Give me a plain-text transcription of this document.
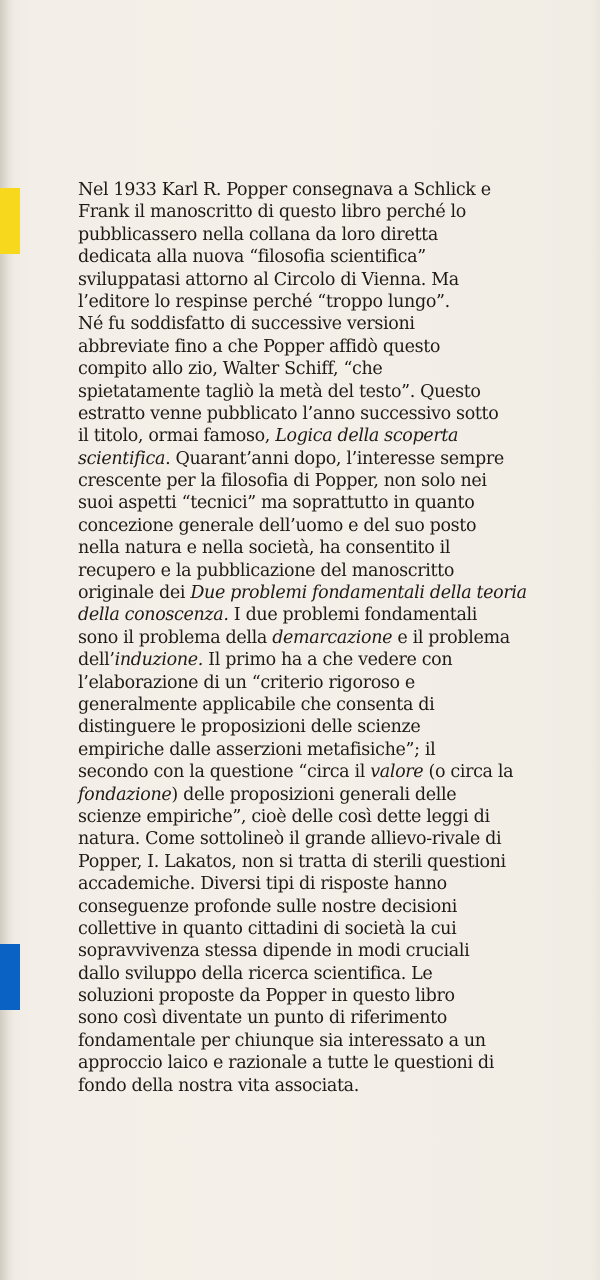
Nel 1933 Karl R. Popper consegnava a Schlick e
Frank il manoscritto di questo libro perché lo
pubblicassero nella collana da loro diretta
dedicata alla nuova “filosofia scientifica”
sviluppatasi attorno al Circolo di Vienna. Ma
l’editore lo respinse perché “troppo lungo”.
Né fu soddisfatto di successive versioni
abbreviate fino a che Popper affidò questo
compito allo zio, Walter Schiff, “che
spietatamente tagliò la metà del testo”. Questo
estratto venne pubblicato l’anno successivo sotto
il titolo, ormai famoso, Logica della scoperta
scientifica. Quarant’anni dopo, l’interesse sempre
crescente per la filosofia di Popper, non solo nei
suoi aspetti “tecnici” ma soprattutto in quanto
concezione generale dell’uomo e del suo posto
nella natura e nella società, ha consentito il
recupero e la pubblicazione del manoscritto
originale dei Due problemi fondamentali della teoria
della conoscenza. I due problemi fondamentali
sono il problema della demarcazione e il problema
dell’induzione. Il primo ha a che vedere con
l’elaborazione di un “criterio rigoroso e
generalmente applicabile che consenta di
distinguere le proposizioni delle scienze
empiriche dalle asserzioni metafisiche”; il
secondo con la questione “circa il valore (o circa la
fondazione) delle proposizioni generali delle
scienze empiriche”, cioè delle così dette leggi di
natura. Come sottolineò il grande allievo-rivale di
Popper, I. Lakatos, non si tratta di sterili questioni
accademiche. Diversi tipi di risposte hanno
conseguenze profonde sulle nostre decisioni
collettive in quanto cittadini di società la cui
sopravvivenza stessa dipende in modi cruciali
dallo sviluppo della ricerca scientifica. Le
soluzioni proposte da Popper in questo libro
sono così diventate un punto di riferimento
fondamentale per chiunque sia interessato a un
approccio laico e razionale a tutte le questioni di
fondo della nostra vita associata.
